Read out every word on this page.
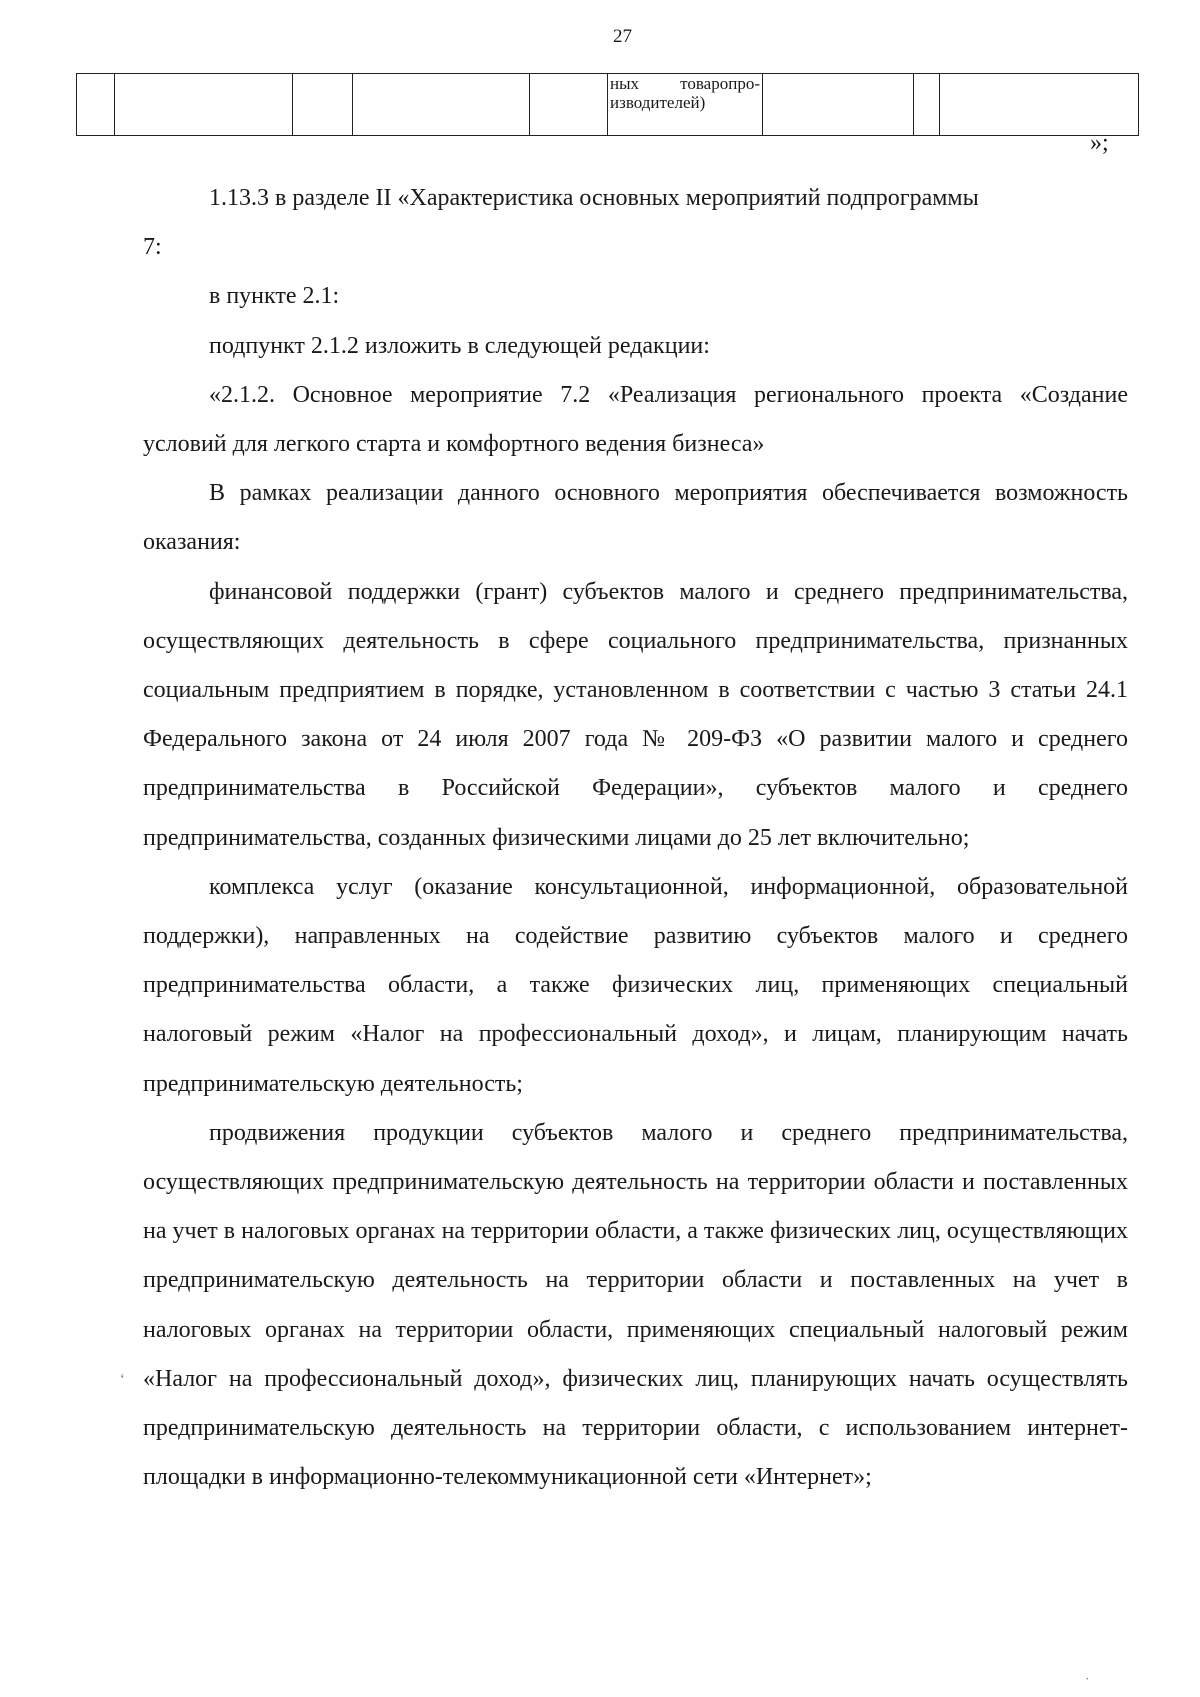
27

ных товаропро-
изводителей)

»;

1.13.3 в разделе II «Характеристика основных мероприятий подпрограммы

7:

в пункте 2.1:

подпункт 2.1.2 изложить в следующей редакции:

«2.1.2. Основное мероприятие 7.2 «Реализация регионального проекта «Создание условий для легкого старта и комфортного ведения бизнеса»

В рамках реализации данного основного мероприятия обеспечивается возможность оказания:

финансовой поддержки (грант) субъектов малого и среднего предпринимательства, осуществляющих деятельность в сфере социального предпринимательства, признанных социальным предприятием в порядке, установленном в соответствии с частью 3 статьи 24.1 Федерального закона от 24 июля 2007 года № 209-ФЗ «О развитии малого и среднего предпринимательства в Российской Федерации», субъектов малого и среднего предпринимательства, созданных физическими лицами до 25 лет включительно;

комплекса услуг (оказание консультационной, информационной, образовательной поддержки), направленных на содействие развитию субъектов малого и среднего предпринимательства области, а также физических лиц, применяющих специальный налоговый режим «Налог на профессиональный доход», и лицам, планирующим начать предпринимательскую деятельность;

продвижения продукции субъектов малого и среднего предпринимательства, осуществляющих предпринимательскую деятельность на территории области и поставленных на учет в налоговых органах на территории области, а также физических лиц, осуществляющих предпринимательскую деятельность на территории области и поставленных на учет в налоговых органах на территории области, применяющих специальный налоговый режим «Налог на профессиональный доход», физических лиц, планирующих начать осуществлять предпринимательскую деятельность на территории области, с использованием интернет-площадки в информационно-телекоммуникационной сети «Интернет»;

‘
˙
